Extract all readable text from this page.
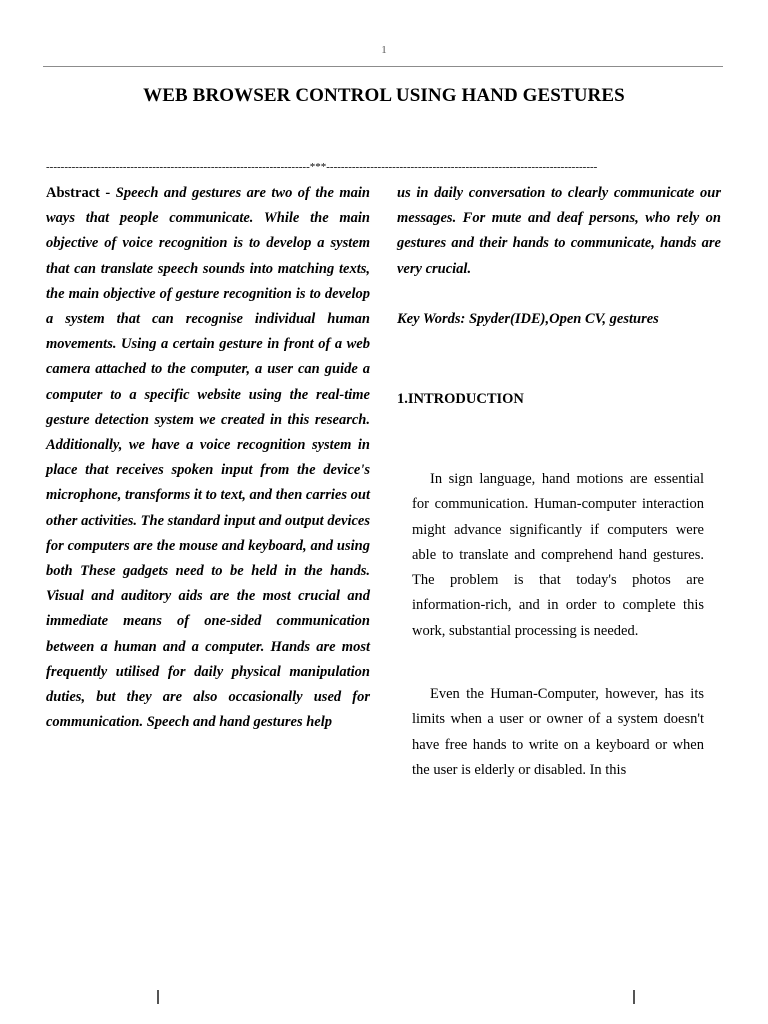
1
WEB BROWSER CONTROL USING HAND GESTURES
------------------------------------------------------------------------***--------------------------------------------------------------------------
Abstract - Speech and gestures are two of the main ways that people communicate. While the main objective of voice recognition is to develop a system that can translate speech sounds into matching texts, the main objective of gesture recognition is to develop a system that can recognise individual human movements. Using a certain gesture in front of a web camera attached to the computer, a user can guide a computer to a specific website using the real-time gesture detection system we created in this research. Additionally, we have a voice recognition system in place that receives spoken input from the device's microphone, transforms it to text, and then carries out other activities. The standard input and output devices for computers are the mouse and keyboard, and using both These gadgets need to be held in the hands. Visual and auditory aids are the most crucial and immediate means of one-sided communication between a human and a computer. Hands are most frequently utilised for daily physical manipulation duties, but they are also occasionally used for communication. Speech and hand gestures help
us in daily conversation to clearly communicate our messages. For mute and deaf persons, who rely on gestures and their hands to communicate, hands are very crucial.
Key Words: Spyder(IDE),Open CV, gestures
1.INTRODUCTION
In sign language, hand motions are essential for communication. Human-computer interaction might advance significantly if computers were able to translate and comprehend hand gestures. The problem is that today's photos are information-rich, and in order to complete this work, substantial processing is needed.
Even the Human-Computer, however, has its limits when a user or owner of a system doesn't have free hands to write on a keyboard or when the user is elderly or disabled. In this
